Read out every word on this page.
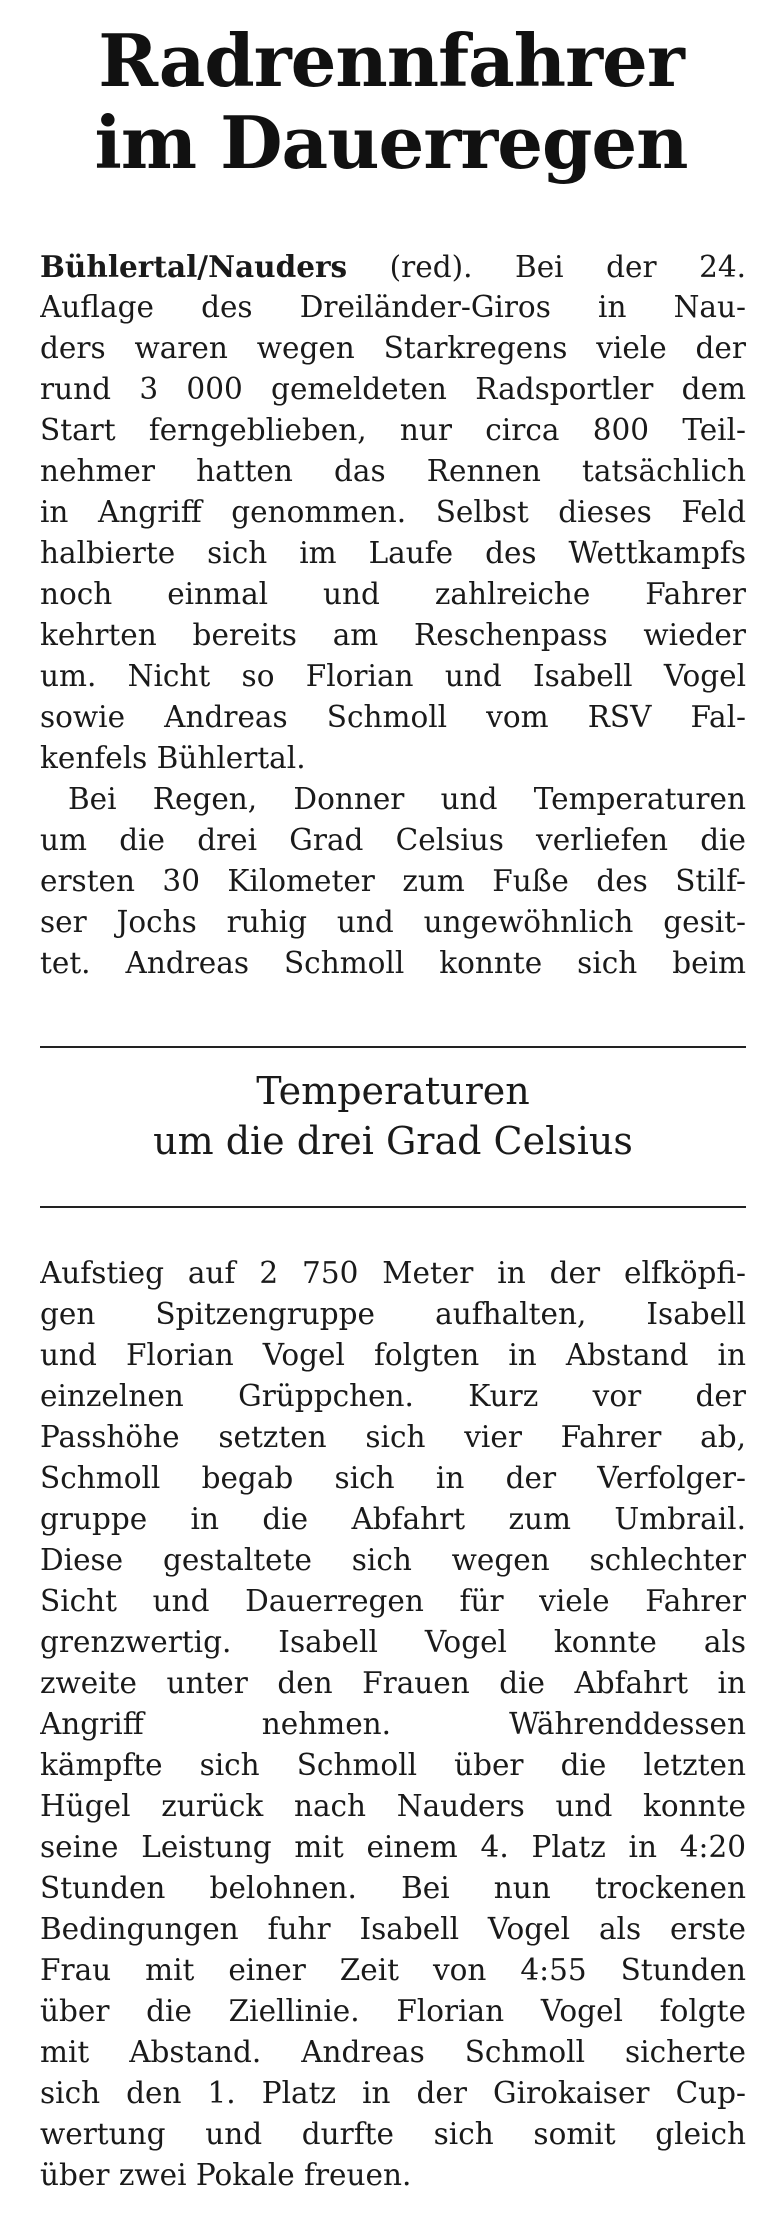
Radrennfahrer
im Dauerregen
Bühlertal/Nauders (red). Bei der 24.
Auflage des Dreiländer-Giros in Nau-
ders waren wegen Starkregens viele der
rund 3 000 gemeldeten Radsportler dem
Start ferngeblieben, nur circa 800 Teil-
nehmer hatten das Rennen tatsächlich
in Angriff genommen. Selbst dieses Feld
halbierte sich im Laufe des Wettkampfs
noch einmal und zahlreiche Fahrer
kehrten bereits am Reschenpass wieder
um. Nicht so Florian und Isabell Vogel
sowie Andreas Schmoll vom RSV Fal-
kenfels Bühlertal.
Bei Regen, Donner und Temperaturen
um die drei Grad Celsius verliefen die
ersten 30 Kilometer zum Fuße des Stilf-
ser Jochs ruhig und ungewöhnlich gesit-
tet. Andreas Schmoll konnte sich beim
Temperaturen
um die drei Grad Celsius
Aufstieg auf 2 750 Meter in der elfköpfi-
gen Spitzengruppe aufhalten, Isabell
und Florian Vogel folgten in Abstand in
einzelnen Grüppchen. Kurz vor der
Passhöhe setzten sich vier Fahrer ab,
Schmoll begab sich in der Verfolger-
gruppe in die Abfahrt zum Umbrail.
Diese gestaltete sich wegen schlechter
Sicht und Dauerregen für viele Fahrer
grenzwertig. Isabell Vogel konnte als
zweite unter den Frauen die Abfahrt in
Angriff nehmen. Währenddessen
kämpfte sich Schmoll über die letzten
Hügel zurück nach Nauders und konnte
seine Leistung mit einem 4. Platz in 4:20
Stunden belohnen. Bei nun trockenen
Bedingungen fuhr Isabell Vogel als erste
Frau mit einer Zeit von 4:55 Stunden
über die Ziellinie. Florian Vogel folgte
mit Abstand. Andreas Schmoll sicherte
sich den 1. Platz in der Girokaiser Cup-
wertung und durfte sich somit gleich
über zwei Pokale freuen.
